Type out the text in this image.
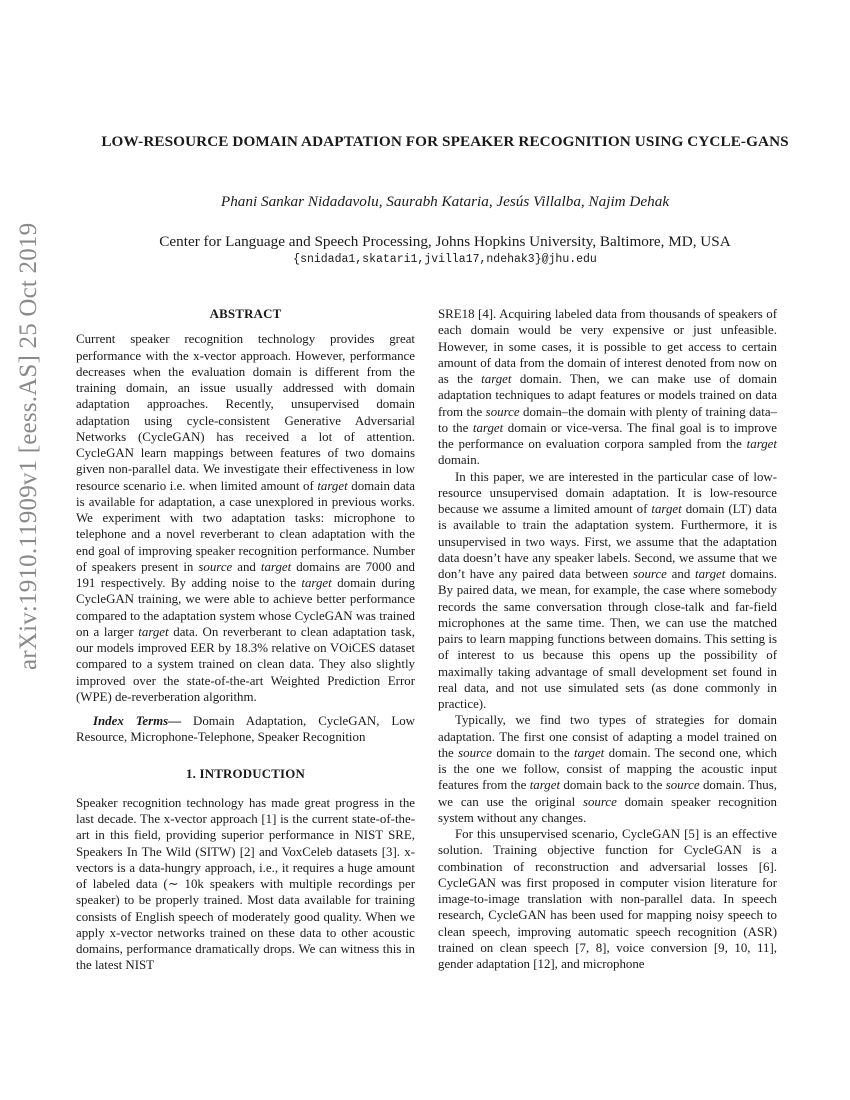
arXiv:1910.11909v1 [eess.AS] 25 Oct 2019
LOW-RESOURCE DOMAIN ADAPTATION FOR SPEAKER RECOGNITION USING CYCLE-GANS
Phani Sankar Nidadavolu, Saurabh Kataria, Jesús Villalba, Najim Dehak
Center for Language and Speech Processing, Johns Hopkins University, Baltimore, MD, USA
{snidada1,skatari1,jvilla17,ndehak3}@jhu.edu
ABSTRACT

Current speaker recognition technology provides great performance with the x-vector approach. However, performance decreases when the evaluation domain is different from the training domain, an issue usually addressed with domain adaptation approaches. Recently, unsupervised domain adaptation using cycle-consistent Generative Adversarial Networks (CycleGAN) has received a lot of attention. CycleGAN learn mappings between features of two domains given non-parallel data. We investigate their effectiveness in low resource scenario i.e. when limited amount of target domain data is available for adaptation, a case unexplored in previous works. We experiment with two adaptation tasks: microphone to telephone and a novel reverberant to clean adaptation with the end goal of improving speaker recognition performance. Number of speakers present in source and target domains are 7000 and 191 respectively. By adding noise to the target domain during CycleGAN training, we were able to achieve better performance compared to the adaptation system whose CycleGAN was trained on a larger target data. On reverberant to clean adaptation task, our models improved EER by 18.3% relative on VOiCES dataset compared to a system trained on clean data. They also slightly improved over the state-of-the-art Weighted Prediction Error (WPE) de-reverberation algorithm.

Index Terms— Domain Adaptation, CycleGAN, Low Resource, Microphone-Telephone, Speaker Recognition

1. INTRODUCTION

Speaker recognition technology has made great progress in the last decade. The x-vector approach [1] is the current state-of-the-art in this field, providing superior performance in NIST SRE, Speakers In The Wild (SITW) [2] and VoxCeleb datasets [3]. x-vectors is a data-hungry approach, i.e., it requires a huge amount of labeled data (∼ 10k speakers with multiple recordings per speaker) to be properly trained. Most data available for training consists of English speech of moderately good quality. When we apply x-vector networks trained on these data to other acoustic domains, performance dramatically drops. We can witness this in the latest NIST

SRE18 [4]. Acquiring labeled data from thousands of speakers of each domain would be very expensive or just unfeasible. However, in some cases, it is possible to get access to certain amount of data from the domain of interest denoted from now on as the target domain. Then, we can make use of domain adaptation techniques to adapt features or models trained on data from the source domain–the domain with plenty of training data– to the target domain or vice-versa. The final goal is to improve the performance on evaluation corpora sampled from the target domain.

In this paper, we are interested in the particular case of low-resource unsupervised domain adaptation. It is low-resource because we assume a limited amount of target domain (LT) data is available to train the adaptation system. Furthermore, it is unsupervised in two ways. First, we assume that the adaptation data doesn’t have any speaker labels. Second, we assume that we don’t have any paired data between source and target domains. By paired data, we mean, for example, the case where somebody records the same conversation through close-talk and far-field microphones at the same time. Then, we can use the matched pairs to learn mapping functions between domains. This setting is of interest to us because this opens up the possibility of maximally taking advantage of small development set found in real data, and not use simulated sets (as done commonly in practice).

Typically, we find two types of strategies for domain adaptation. The first one consist of adapting a model trained on the source domain to the target domain. The second one, which is the one we follow, consist of mapping the acoustic input features from the target domain back to the source domain. Thus, we can use the original source domain speaker recognition system without any changes.

For this unsupervised scenario, CycleGAN [5] is an effective solution. Training objective function for CycleGAN is a combination of reconstruction and adversarial losses [6]. CycleGAN was first proposed in computer vision literature for image-to-image translation with non-parallel data. In speech research, CycleGAN has been used for mapping noisy speech to clean speech, improving automatic speech recognition (ASR) trained on clean speech [7, 8], voice conversion [9, 10, 11], gender adaptation [12], and microphone
